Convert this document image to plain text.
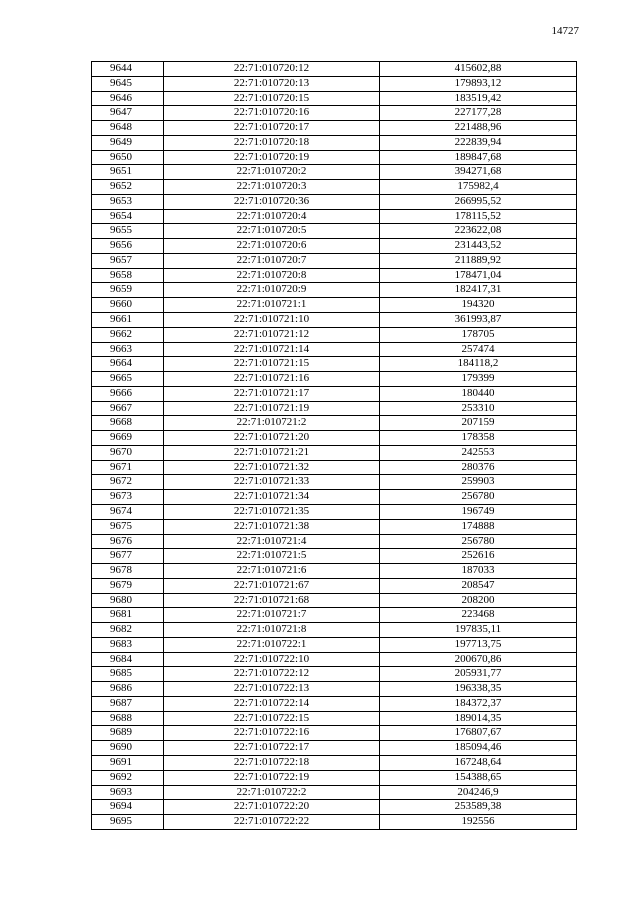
14727
9644	22:71:010720:12	415602,88
9645	22:71:010720:13	179893,12
9646	22:71:010720:15	183519,42
9647	22:71:010720:16	227177,28
9648	22:71:010720:17	221488,96
9649	22:71:010720:18	222839,94
9650	22:71:010720:19	189847,68
9651	22:71:010720:2	394271,68
9652	22:71:010720:3	175982,4
9653	22:71:010720:36	266995,52
9654	22:71:010720:4	178115,52
9655	22:71:010720:5	223622,08
9656	22:71:010720:6	231443,52
9657	22:71:010720:7	211889,92
9658	22:71:010720:8	178471,04
9659	22:71:010720:9	182417,31
9660	22:71:010721:1	194320
9661	22:71:010721:10	361993,87
9662	22:71:010721:12	178705
9663	22:71:010721:14	257474
9664	22:71:010721:15	184118,2
9665	22:71:010721:16	179399
9666	22:71:010721:17	180440
9667	22:71:010721:19	253310
9668	22:71:010721:2	207159
9669	22:71:010721:20	178358
9670	22:71:010721:21	242553
9671	22:71:010721:32	280376
9672	22:71:010721:33	259903
9673	22:71:010721:34	256780
9674	22:71:010721:35	196749
9675	22:71:010721:38	174888
9676	22:71:010721:4	256780
9677	22:71:010721:5	252616
9678	22:71:010721:6	187033
9679	22:71:010721:67	208547
9680	22:71:010721:68	208200
9681	22:71:010721:7	223468
9682	22:71:010721:8	197835,11
9683	22:71:010722:1	197713,75
9684	22:71:010722:10	200670,86
9685	22:71:010722:12	205931,77
9686	22:71:010722:13	196338,35
9687	22:71:010722:14	184372,37
9688	22:71:010722:15	189014,35
9689	22:71:010722:16	176807,67
9690	22:71:010722:17	185094,46
9691	22:71:010722:18	167248,64
9692	22:71:010722:19	154388,65
9693	22:71:010722:2	204246,9
9694	22:71:010722:20	253589,38
9695	22:71:010722:22	192556
